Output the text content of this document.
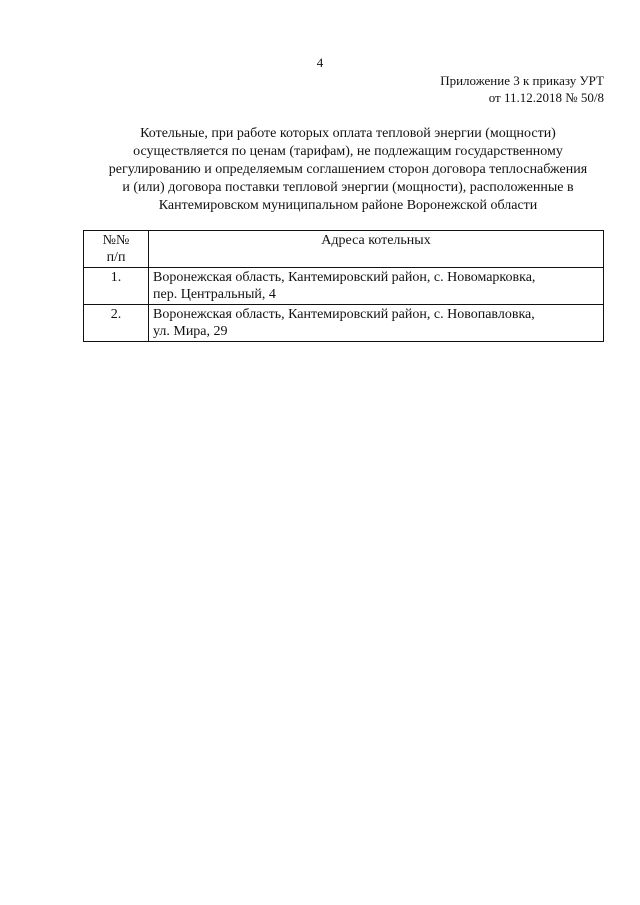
4
Приложение 3 к приказу УРТ
от 11.12.2018 № 50/8
Котельные, при работе которых оплата тепловой энергии (мощности)
осуществляется по ценам (тарифам), не подлежащим государственному
регулированию и определяемым соглашением сторон договора теплоснабжения
и (или) договора поставки тепловой энергии (мощности), расположенные в
Кантемировском муниципальном районе Воронежской области
№№
п/п	Адреса котельных
1.	Воронежская область, Кантемировский район, с. Новомарковка,
пер. Центральный, 4

2.	Воронежская область, Кантемировский район, с. Новопавловка,
ул. Мира, 29
